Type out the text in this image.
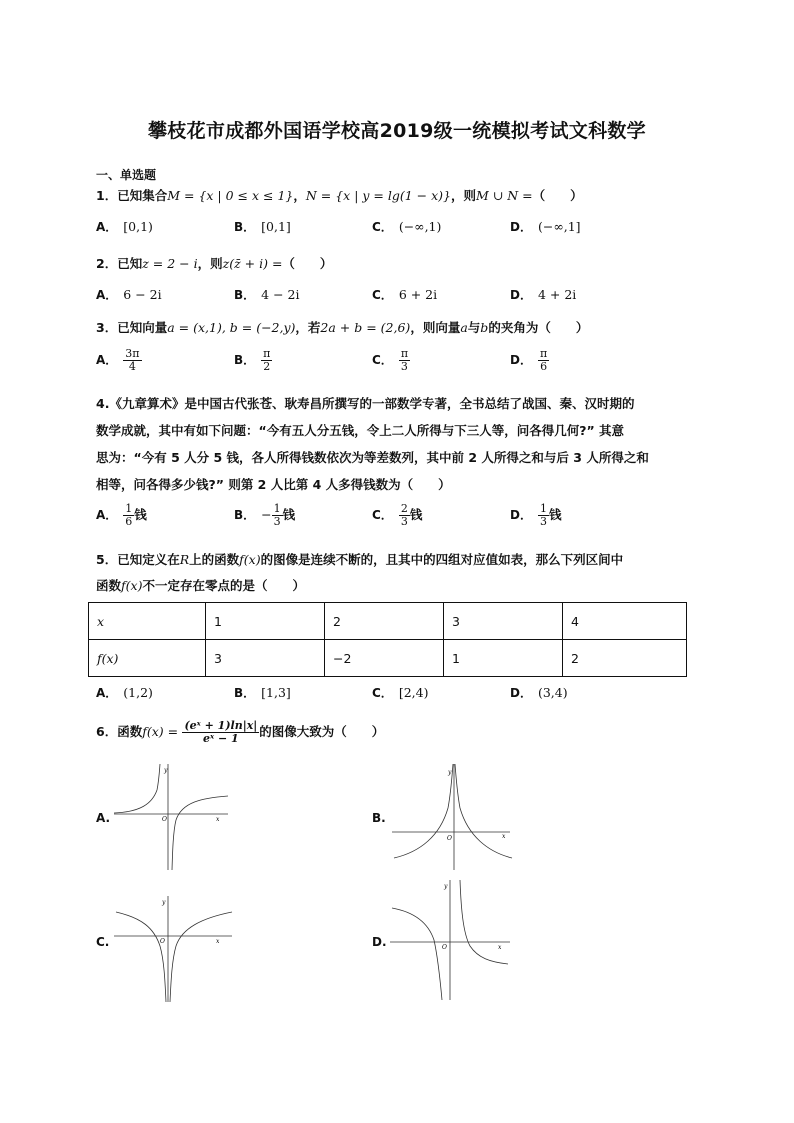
攀枝花市成都外国语学校高2019级一统模拟考试文科数学
一、单选题
1．已知集合M = {x | 0 ≤ x ≤ 1}，N = {x | y = lg(1 − x)}，则M ∪ N =（　　）
A． [0,1)	B． [0,1]	C． (−∞,1)	D． (−∞,1]
2．已知z = 2 − i，则z(z̄ + i) =（　　）
A． 6 − 2i	B． 4 − 2i	C． 6 + 2i	D． 4 + 2i
3．已知向量a = (x,1), b = (−2,y)，若2a + b = (2,6)，则向量a与b的夹角为（　　）
A． $\frac{3\pi}{4}$	B． $\frac{\pi}{2}$	C． $\frac{\pi}{3}$	D． $\frac{\pi}{6}$
4.《九章算术》是中国古代张苍、耿寿昌所撰写的一部数学专著，全书总结了战国、秦、汉时期的
数学成就，其中有如下问题：“今有五人分五钱，令上二人所得与下三人等，问各得几何?” 其意
思为：“今有 5 人分 5 钱，各人所得钱数依次为等差数列，其中前 2 人所得之和与后 3 人所得之和
相等，问各得多少钱?” 则第 2 人比第 4 人多得钱数为（　　）
A． $\frac{1}{6}$ 钱	B． − $\frac{1}{3}$ 钱	C． $\frac{2}{3}$ 钱	D． $\frac{1}{3}$ 钱
5．已知定义在R上的函数f(x)的图像是连续不断的，且其中的四组对应值如表，那么下列区间中
函数f(x)不一定存在零点的是（　　）
x	1	2	3	4
f(x)	3	−2	1	2
A． (1,2)	B． [1,3]	C． [2,4)	D． (3,4)
6．函数$f(x) = \frac{\text{(eˣ + 1)ln|x|}}{\text{eˣ − 1}}$ 的图像大致为（　　）
A.	B.
C.	D.
y
x
O
y
x
O
y
x
O
y
x
O
